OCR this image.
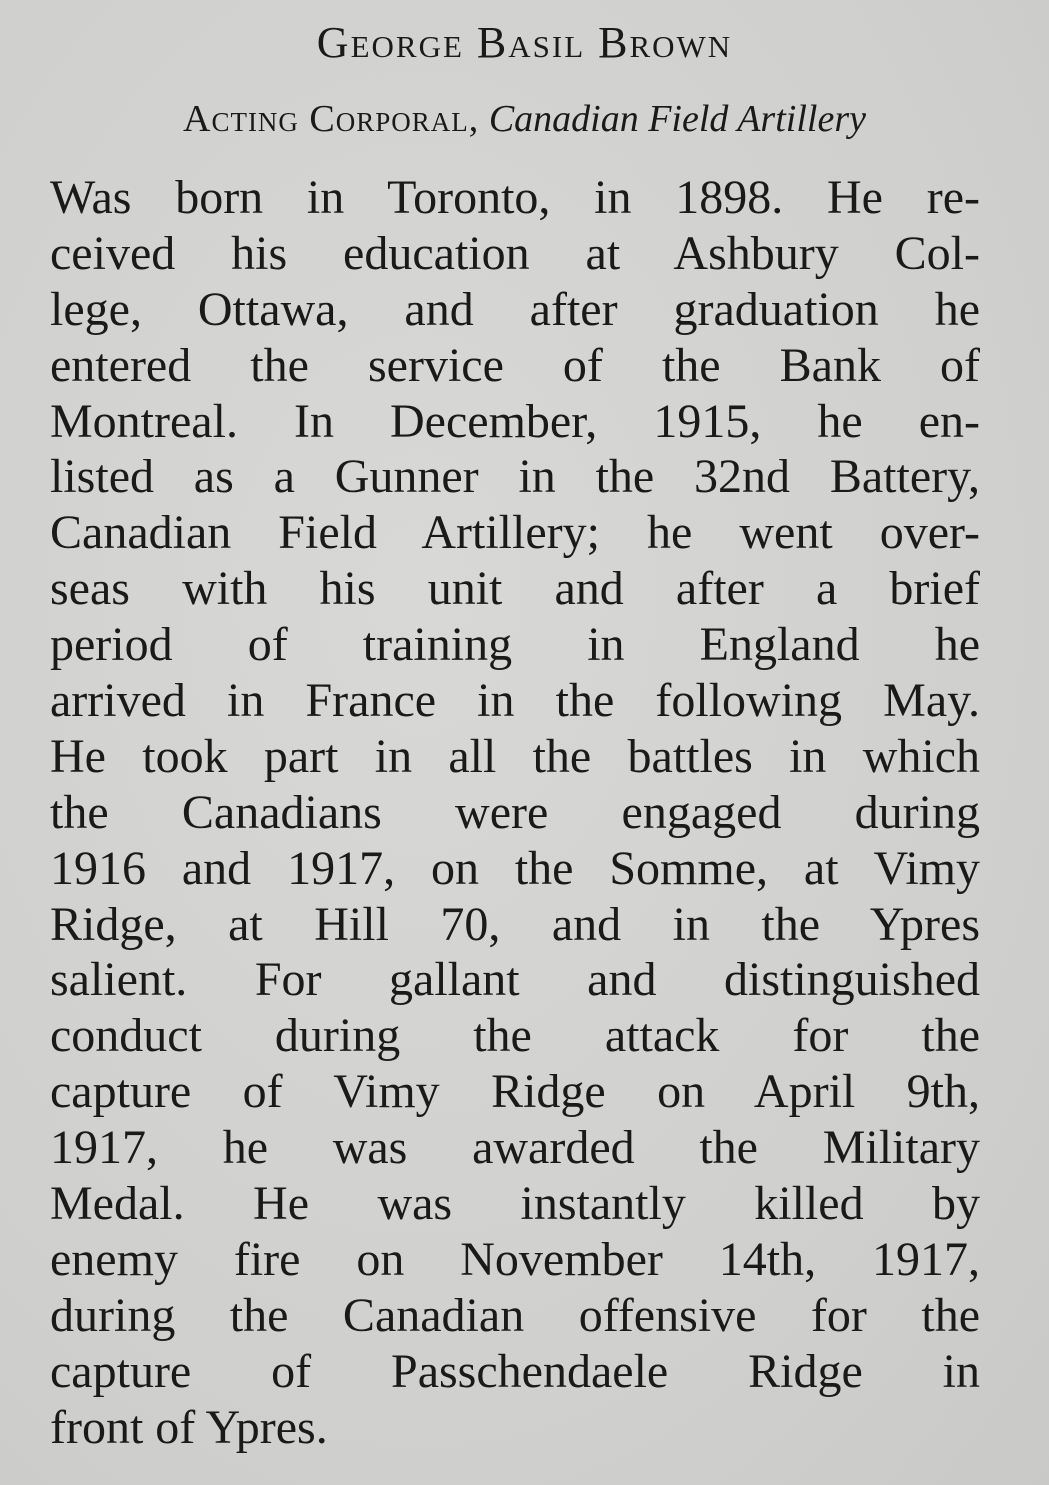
George Basil Brown
Acting Corporal, Canadian Field Artillery
Was born in Toronto, in 1898. He re-
ceived his education at Ashbury Col-
lege, Ottawa, and after graduation he
entered the service of the Bank of
Montreal. In December, 1915, he en-
listed as a Gunner in the 32nd Battery,
Canadian Field Artillery; he went over-
seas with his unit and after a brief
period of training in England he
arrived in France in the following May.
He took part in all the battles in which
the Canadians were engaged during
1916 and 1917, on the Somme, at Vimy
Ridge, at Hill 70, and in the Ypres
salient. For gallant and distinguished
conduct during the attack for the
capture of Vimy Ridge on April 9th,
1917, he was awarded the Military
Medal. He was instantly killed by
enemy fire on November 14th, 1917,
during the Canadian offensive for the
capture of Passchendaele Ridge in
front of Ypres.
